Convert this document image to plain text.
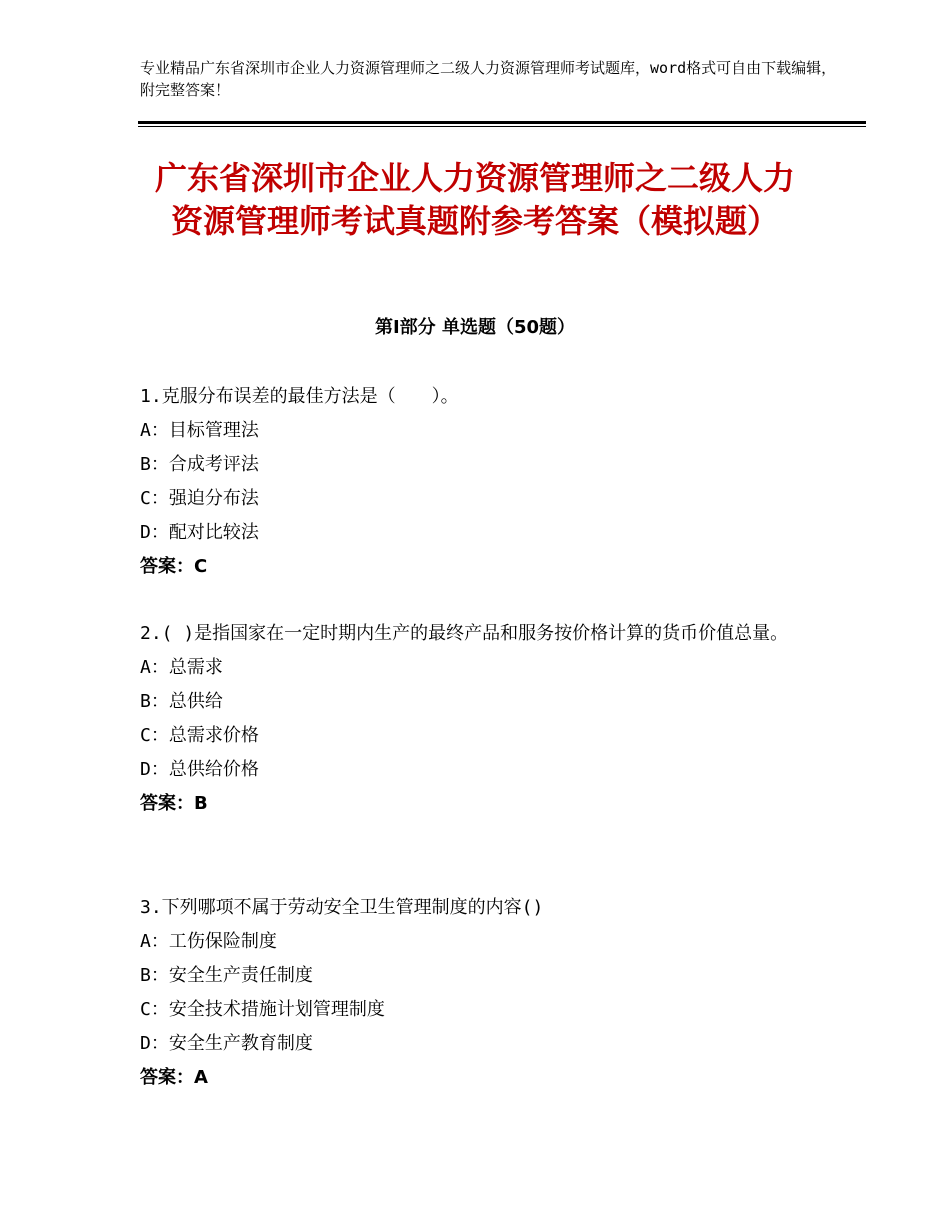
专业精品广东省深圳市企业人力资源管理师之二级人力资源管理师考试题库，word格式可自由下载编辑，附完整答案！
广东省深圳市企业人力资源管理师之二级人力资源管理师考试真题附参考答案（模拟题）
第Ⅰ部分 单选题（50题）

1.克服分布误差的最佳方法是（　　）。

A：目标管理法

B：合成考评法

C：强迫分布法

D：配对比较法

答案：C

2.( )是指国家在一定时期内生产的最终产品和服务按价格计算的货币价值总量。

A：总需求

B：总供给

C：总需求价格

D：总供给价格

答案：B

3.下列哪项不属于劳动安全卫生管理制度的内容()

A：工伤保险制度

B：安全生产责任制度

C：安全技术措施计划管理制度

D：安全生产教育制度

答案：A
